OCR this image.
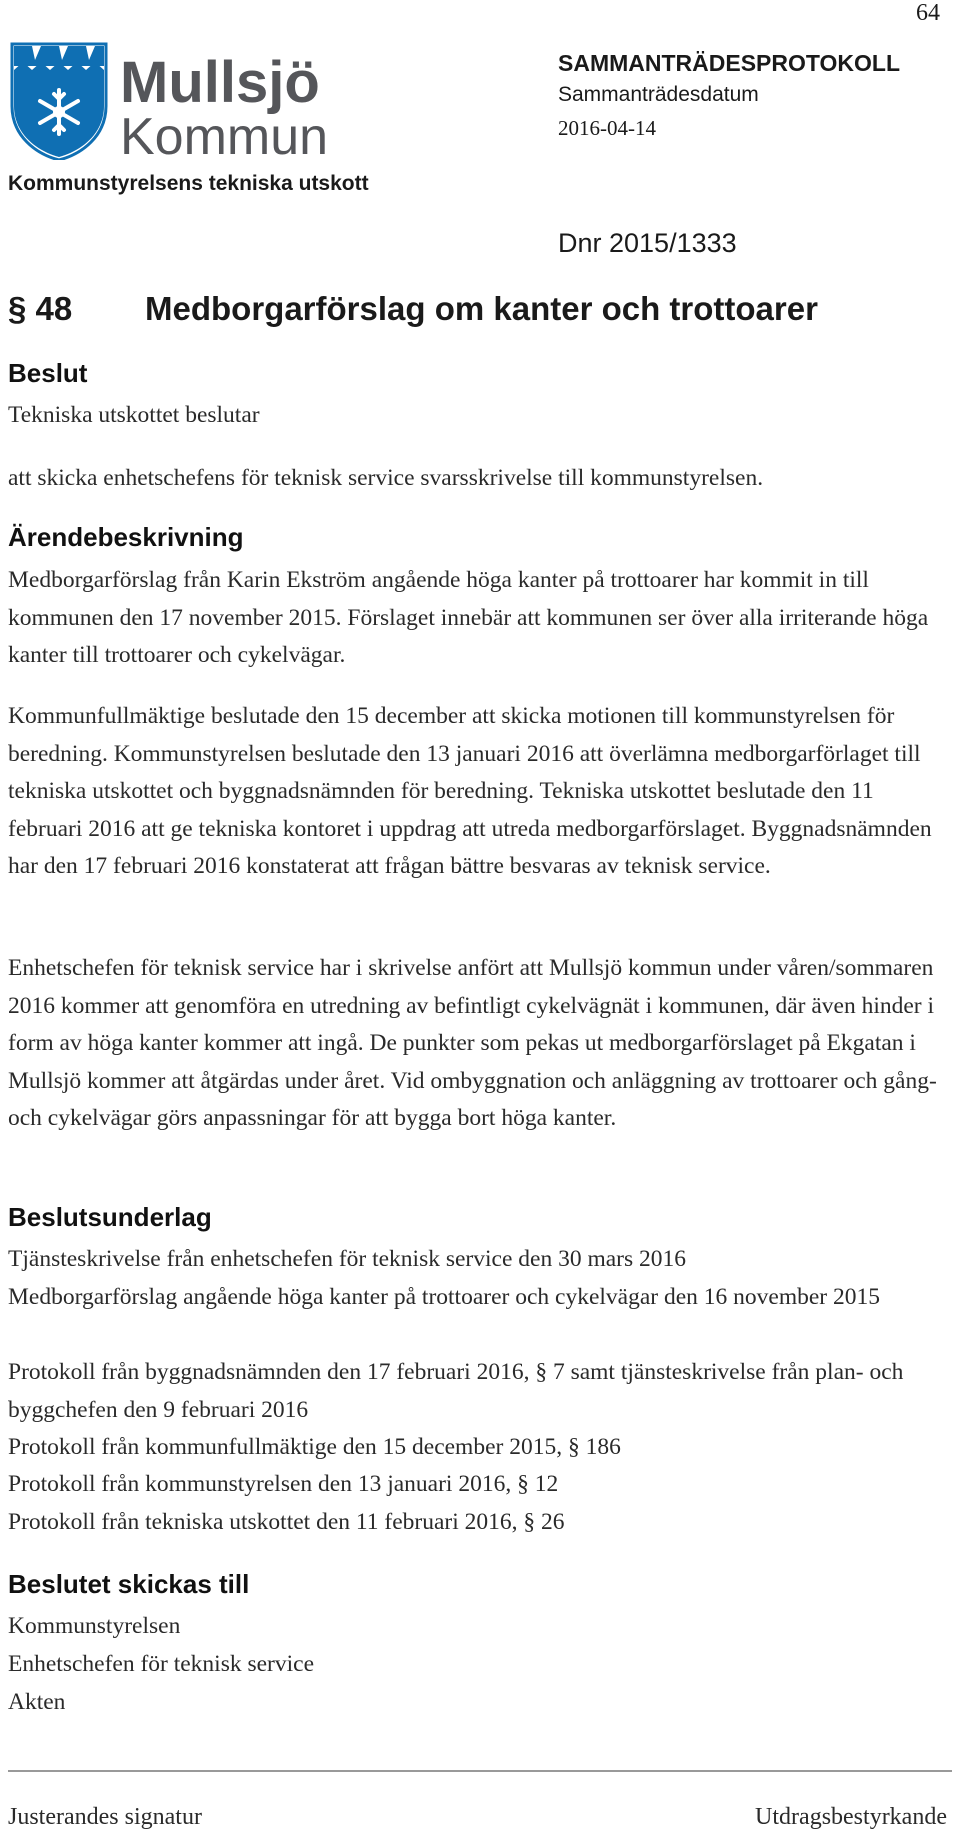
64
Mullsjö
Kommun
SAMMANTRÄDESPROTOKOLL
Sammanträdesdatum
2016-04-14
Kommunstyrelsens tekniska utskott
Dnr 2015/1333
§ 48 Medborgarförslag om kanter och trottoarer
Beslut
Tekniska utskottet beslutar
att skicka enhetschefens för teknisk service svarsskrivelse till kommunstyrelsen.
Ärendebeskrivning
Medborgarförslag från Karin Ekström angående höga kanter på trottoarer har kommit in till kommunen den 17 november 2015. Förslaget innebär att kommunen ser över alla irriterande höga kanter till trottoarer och cykelvägar.
Kommunfullmäktige beslutade den 15 december att skicka motionen till kommunstyrelsen för beredning. Kommunstyrelsen beslutade den 13 januari 2016 att överlämna medborgarförlaget till tekniska utskottet och byggnadsnämnden för beredning. Tekniska utskottet beslutade den 11 februari 2016 att ge tekniska kontoret i uppdrag att utreda medborgarförslaget. Byggnadsnämnden har den 17 februari 2016 konstaterat att frågan bättre besvaras av teknisk service.
Enhetschefen för teknisk service har i skrivelse anfört att Mullsjö kommun under våren/sommaren 2016 kommer att genomföra en utredning av befintligt cykelvägnät i kommunen, där även hinder i form av höga kanter kommer att ingå. De punkter som pekas ut medborgarförslaget på Ekgatan i Mullsjö kommer att åtgärdas under året. Vid ombyggnation och anläggning av trottoarer och gång- och cykelvägar görs anpassningar för att bygga bort höga kanter.
Beslutsunderlag
Tjänsteskrivelse från enhetschefen för teknisk service den 30 mars 2016
Medborgarförslag angående höga kanter på trottoarer och cykelvägar den 16 november 2015
Protokoll från byggnadsnämnden den 17 februari 2016, § 7 samt tjänsteskrivelse från plan- och byggchefen den 9 februari 2016
Protokoll från kommunfullmäktige den 15 december 2015, § 186
Protokoll från kommunstyrelsen den 13 januari 2016, § 12
Protokoll från tekniska utskottet den 11 februari 2016, § 26
Beslutet skickas till
Kommunstyrelsen
Enhetschefen för teknisk service
Akten
Justerandes signatur	Utdragsbestyrkande
